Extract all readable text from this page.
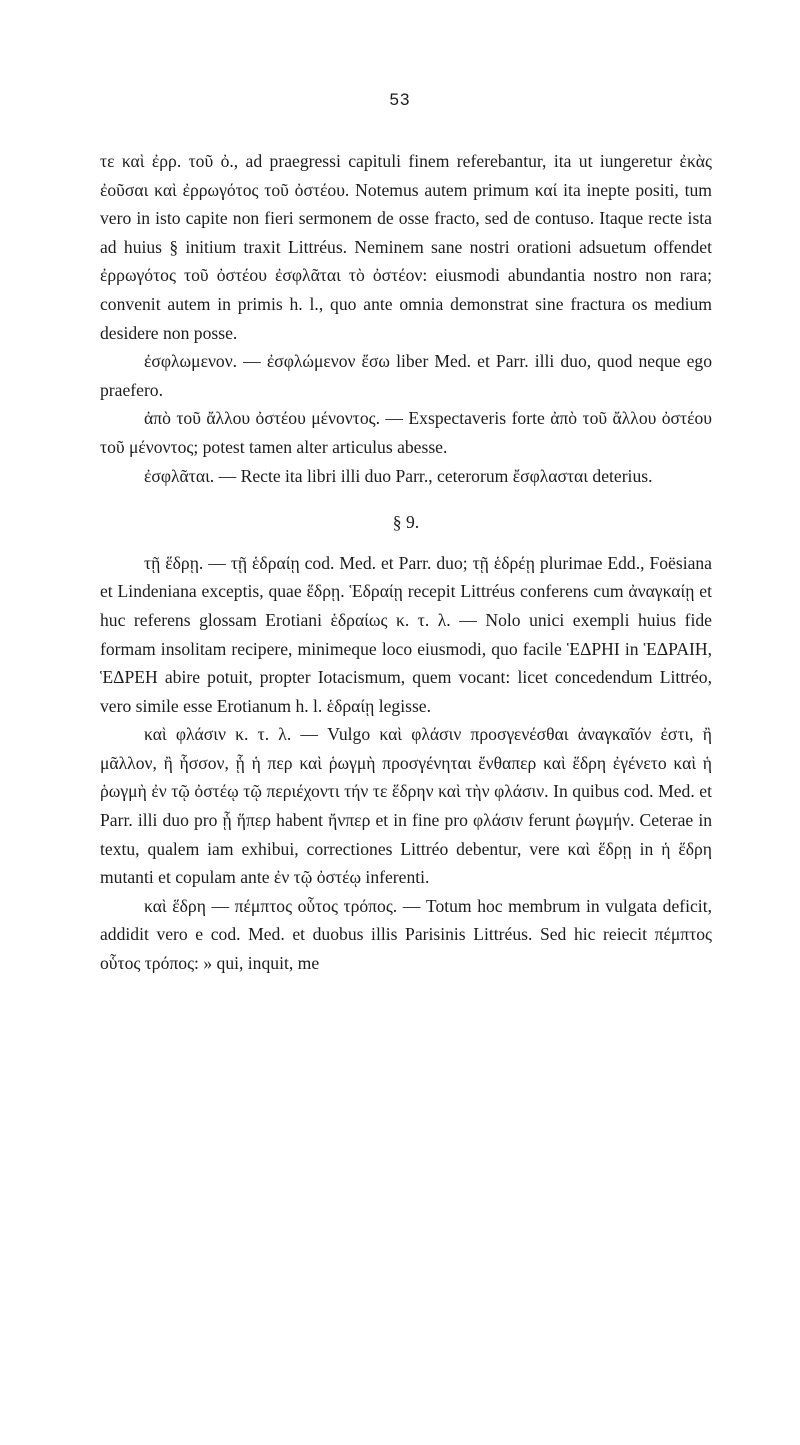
53

τε καὶ ἐρρ. τοῦ ὀ., ad praegressi capituli finem referebantur, ita ut iungeretur ἐκὰς ἐοῦσαι καὶ ἐρρωγότος τοῦ ὀστέου. Notemus autem primum καί ita inepte positi, tum vero in isto capite non fieri sermonem de osse fracto, sed de contuso. Itaque recte ista ad huius § initium traxit Littréus. Neminem sane nostri orationi adsuetum offendet ἐρρωγότος τοῦ ὀστέου ἐσφλᾶται τὸ ὀστέον: eiusmodi abundantia nostro non rara; convenit autem in primis h. l., quo ante omnia demonstrat sine fractura os medium desidere non posse.

ἐσφλωμενον. — ἐσφλώμενον ἔσω liber Med. et Parr. illi duo, quod neque ego praefero.

ἀπὸ τοῦ ἄλλου ὀστέου μένοντος. — Exspectaveris forte ἀπὸ τοῦ ἄλλου ὀστέου τοῦ μένοντος; potest tamen alter articulus abesse.

ἐσφλᾶται. — Recte ita libri illi duo Parr., ceterorum ἔσφλασται deterius.

§ 9.

τῇ ἕδρῃ. — τῇ ἑδραίῃ cod. Med. et Parr. duo; τῇ ἑδρέῃ plurimae Edd., Foësiana et Lindeniana exceptis, quae ἕδρῃ. Ἑδραίῃ recepit Littréus conferens cum ἀναγκαίῃ et huc referens glossam Erotiani ἑδραίως κ. τ. λ. — Nolo unici exempli huius fide formam insolitam recipere, minimeque loco eiusmodi, quo facile ἙΔΡΗΙ in ἙΔΡΑΙΗ, ἙΔΡΕΗ abire potuit, propter Iotacismum, quem vocant: licet concedendum Littréo, vero simile esse Erotianum h. l. ἑδραίῃ legisse.

καὶ φλάσιν κ. τ. λ. — Vulgo καὶ φλάσιν προσγενέσθαι ἀναγκαῖόν ἐστι, ἢ μᾶλλον, ἢ ἧσσον, ᾗ ἡ περ καὶ ῥωγμὴ προσγένηται ἔνθαπερ καὶ ἕδρη ἐγένετο καὶ ἡ ῥωγμὴ ἐν τῷ ὀστέῳ τῷ περιέχοντι τήν τε ἕδρην καὶ τὴν φλάσιν. In quibus cod. Med. et Parr. illi duo pro ᾗ ἥπερ habent ἤνπερ et in fine pro φλάσιν ferunt ῥωγμήν. Ceterae in textu, qualem iam exhibui, correctiones Littréo debentur, vere καὶ ἕδρῃ in ἡ ἕδρη mutanti et copulam ante ἐν τῷ ὀστέῳ inferenti.

καὶ ἕδρη — πέμπτος οὗτος τρόπος. — Totum hoc membrum in vulgata deficit, addidit vero e cod. Med. et duobus illis Parisinis Littréus. Sed hic reiecit πέμπτος οὗτος τρόπος: » qui, inquit, me
